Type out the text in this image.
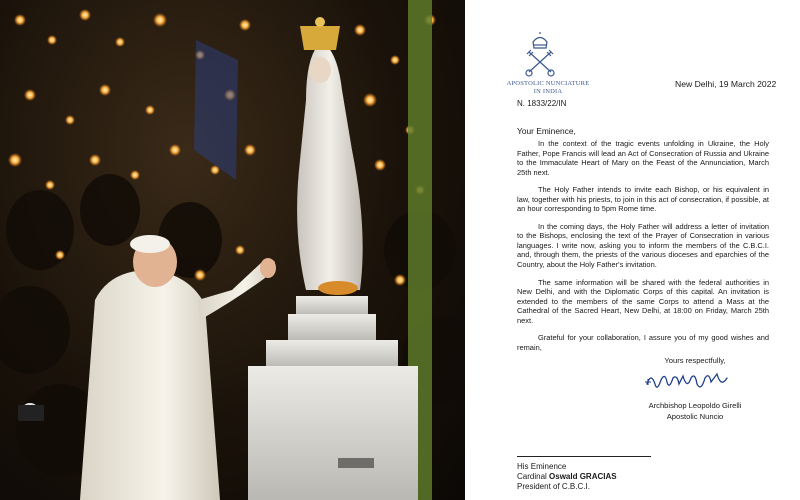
APOSTOLIC NUNCIATURE
IN INDIA
New Delhi, 19 March 2022
N. 1833/22/IN
Your Eminence,

In the context of the tragic events unfolding in Ukraine, the Holy Father, Pope Francis will lead an Act of Consecration of Russia and Ukraine to the Immaculate Heart of Mary on the Feast of the Annunciation, March 25th next.

The Holy Father intends to invite each Bishop, or his equivalent in law, together with his priests, to join in this act of consecration, if possible, at an hour corresponding to 5pm Rome time.

In the coming days, the Holy Father will address a letter of invitation to the Bishops, enclosing the text of the Prayer of Consecration in various languages. I write now, asking you to inform the members of the C.B.C.I. and, through them, the priests of the various dioceses and eparchies of the Country, about the Holy Father's invitation.

The same information will be shared with the federal authorities in New Delhi, and with the Diplomatic Corps of this capital. An invitation is extended to the members of the same Corps to attend a Mass at the Cathedral of the Sacred Heart, New Delhi, at 18:00 on Friday, March 25th next.

Grateful for your collaboration, I assure you of my good wishes and remain,

Yours respectfully,
Archbishop Leopoldo Girelli
Apostolic Nuncio
His Eminence
Cardinal Oswald GRACIAS
President of C.B.C.I.
